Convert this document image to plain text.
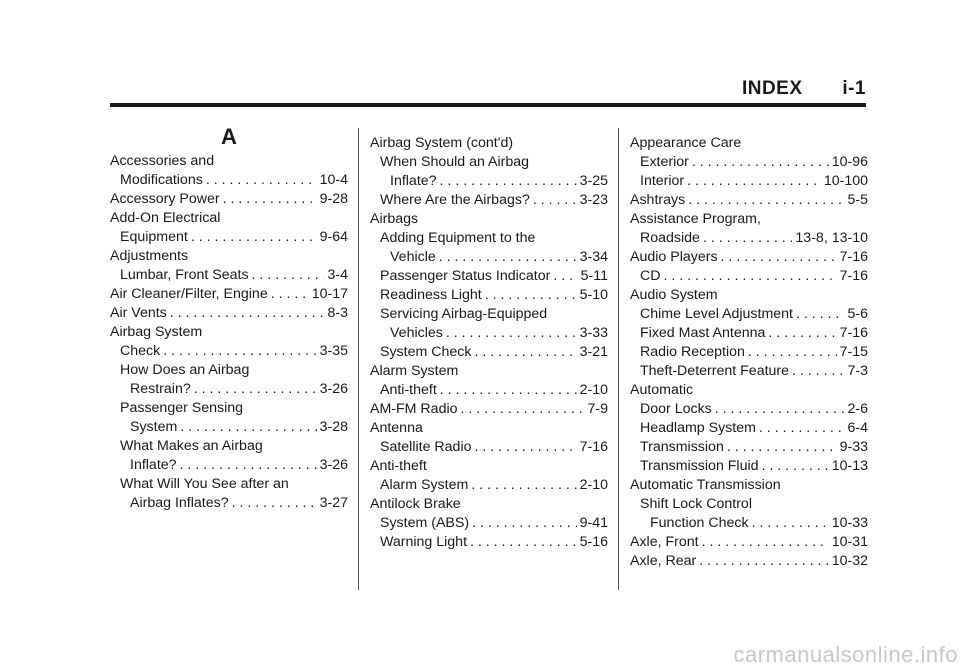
INDEX i-1
A
Accessories and
Modifications . . .	10-4
Accessory Power . . .	9-28
Add-On Electrical
Equipment . . .	9-64
Adjustments
Lumbar, Front Seats . . .	3-4
Air Cleaner/Filter, Engine . . .	10-17
Air Vents . . .	8-3
Airbag System
Check . . .	3-35
How Does an Airbag
Restrain? . . .	3-26
Passenger Sensing
System . . .	3-28
What Makes an Airbag
Inflate? . . .	3-26
What Will You See after an
Airbag Inflates? . . .	3-27
Airbag System (cont'd)
When Should an Airbag
Inflate? . . .	3-25
Where Are the Airbags? . . .	3-23
Airbags
Adding Equipment to the
Vehicle . . .	3-34
Passenger Status Indicator . . . 5-11
Readiness Light . . .	5-10
Servicing Airbag-Equipped
Vehicles . . .	3-33
System Check . . .	3-21
Alarm System
Anti-theft . . .	2-10
AM-FM Radio . . .	7-9
Antenna
Satellite Radio . . .	7-16
Anti-theft
Alarm System . . .	2-10
Antilock Brake
System (ABS) . . .	9-41
Warning Light . . .	5-16
Appearance Care
Exterior . . .	10-96
Interior . . .	10-100
Ashtrays . . .	5-5
Assistance Program,
Roadside . . .	13-8, 13-10
Audio Players . . .	7-16
CD . . .	7-16
Audio System
Chime Level Adjustment . . .	5-6
Fixed Mast Antenna . . .	7-16
Radio Reception . . .	7-15
Theft-Deterrent Feature . . .	7-3
Automatic
Door Locks . . .	2-6
Headlamp System . . .	6-4
Transmission . . .	9-33
Transmission Fluid . . .	10-13
Automatic Transmission
Shift Lock Control
Function Check . . .	10-33
Axle, Front . . .	10-31
Axle, Rear . . .	10-32
carmanualsonline.info
